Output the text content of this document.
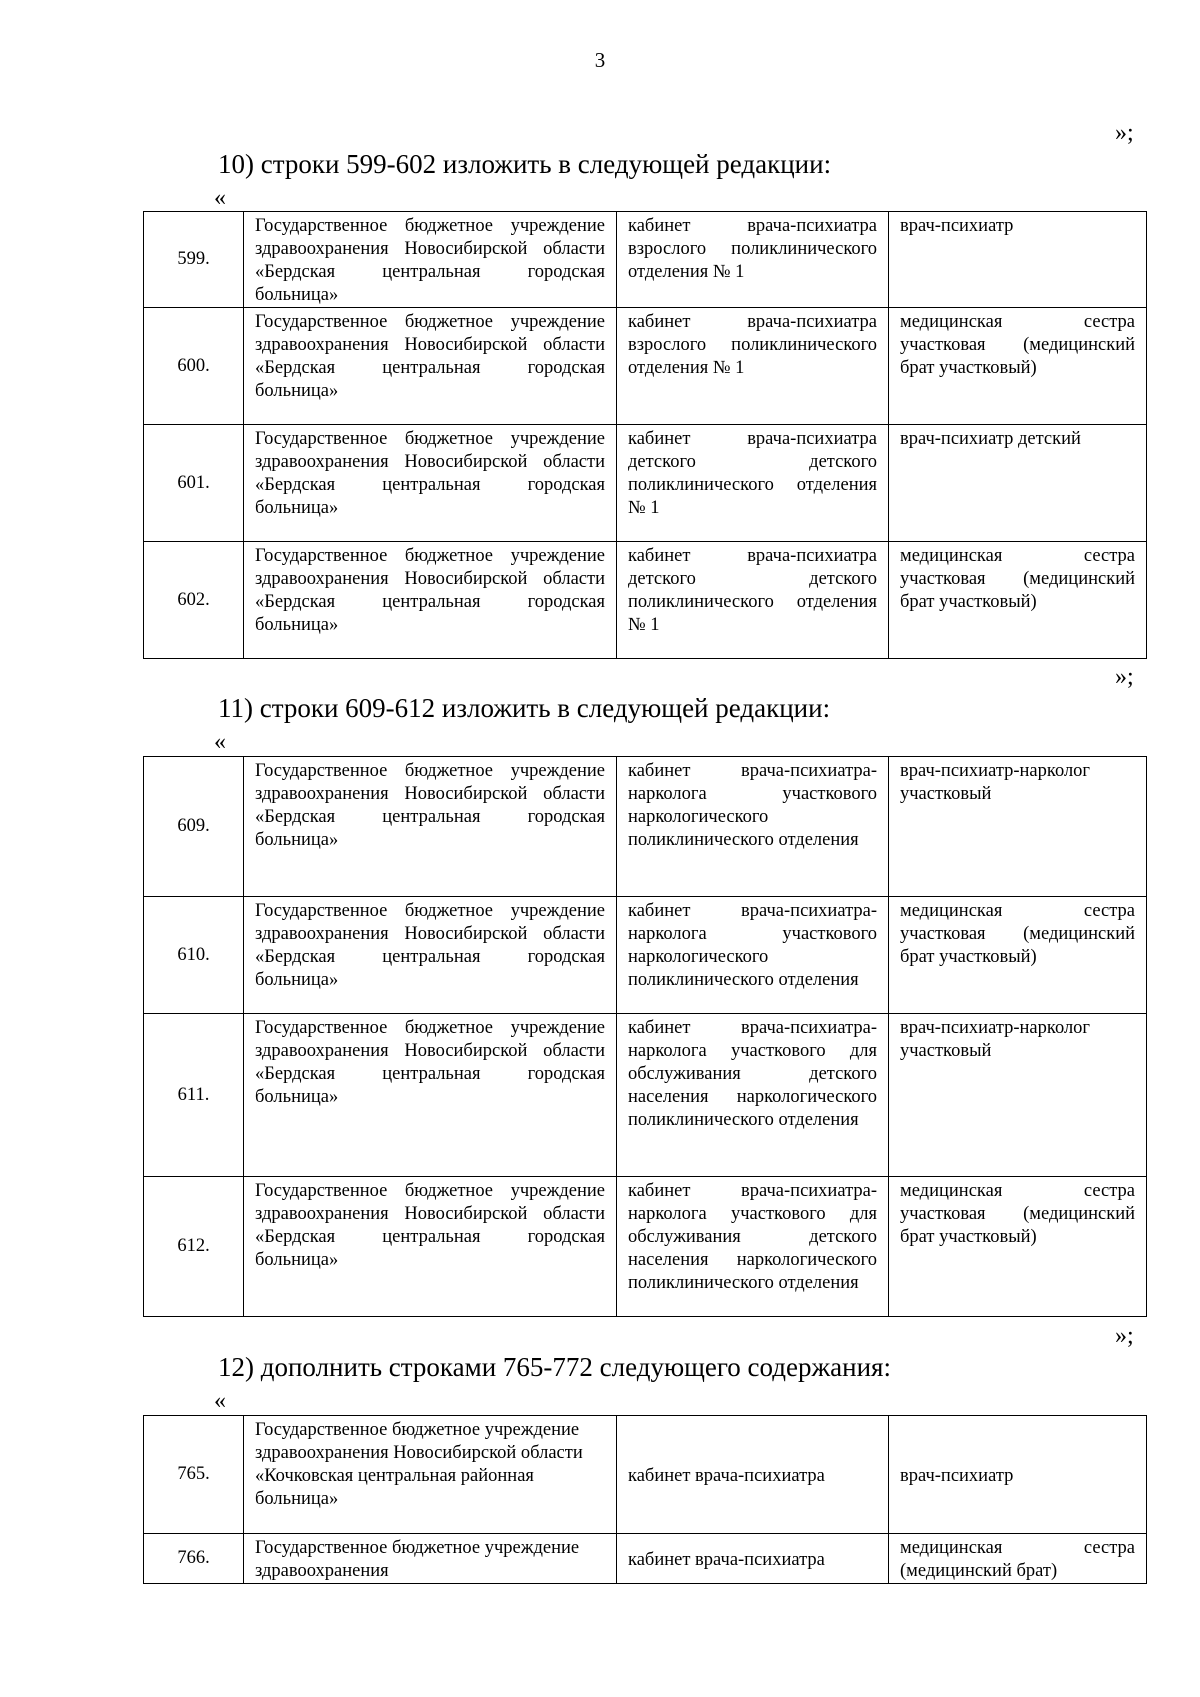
3
»;
10) строки 599-602 изложить в следующей редакции:
«
599.	Государственное бюджетное учреждение здравоохранения Новосибирской области «Бердская центральная городская больница»	кабинет врача-психиатра взрослого поликлинического отделения № 1	врач-психиатр
600.	Государственное бюджетное учреждение здравоохранения Новосибирской области «Бердская центральная городская больница»	кабинет врача-психиатра взрослого поликлинического отделения № 1	медицинская сестра участковая (медицинский брат участковый)
601.	Государственное бюджетное учреждение здравоохранения Новосибирской области «Бердская центральная городская больница»	кабинет врача-психиатра детского детского поликлинического отделения № 1	врач-психиатр детский
602.	Государственное бюджетное учреждение здравоохранения Новосибирской области «Бердская центральная городская больница»	кабинет врача-психиатра детского детского поликлинического отделения № 1	медицинская сестра участковая (медицинский брат участковый)
»;
11) строки 609-612 изложить в следующей редакции:
«
609.	Государственное бюджетное учреждение здравоохранения Новосибирской области «Бердская центральная городская больница»	кабинет врача-психиатра-нарколога участкового наркологического поликлинического отделения	врач-психиатр-нарколог участковый
610.	Государственное бюджетное учреждение здравоохранения Новосибирской области «Бердская центральная городская больница»	кабинет врача-психиатра-нарколога участкового наркологического поликлинического отделения	медицинская сестра участковая (медицинский брат участковый)
611.	Государственное бюджетное учреждение здравоохранения Новосибирской области «Бердская центральная городская больница»	кабинет врача-психиатра-нарколога участкового для обслуживания детского населения наркологического поликлинического отделения	врач-психиатр-нарколог участковый
612.	Государственное бюджетное учреждение здравоохранения Новосибирской области «Бердская центральная городская больница»	кабинет врача-психиатра-нарколога участкового для обслуживания детского населения наркологического поликлинического отделения	медицинская сестра участковая (медицинский брат участковый)
»;
12) дополнить строками 765-772 следующего содержания:
«
765.	Государственное бюджетное учреждение здравоохранения Новосибирской области «Кочковская центральная районная больница»	кабинет врача-психиатра	врач-психиатр
766.	Государственное бюджетное учреждение здравоохранения	кабинет врача-психиатра	медицинская сестра (медицинский брат)
